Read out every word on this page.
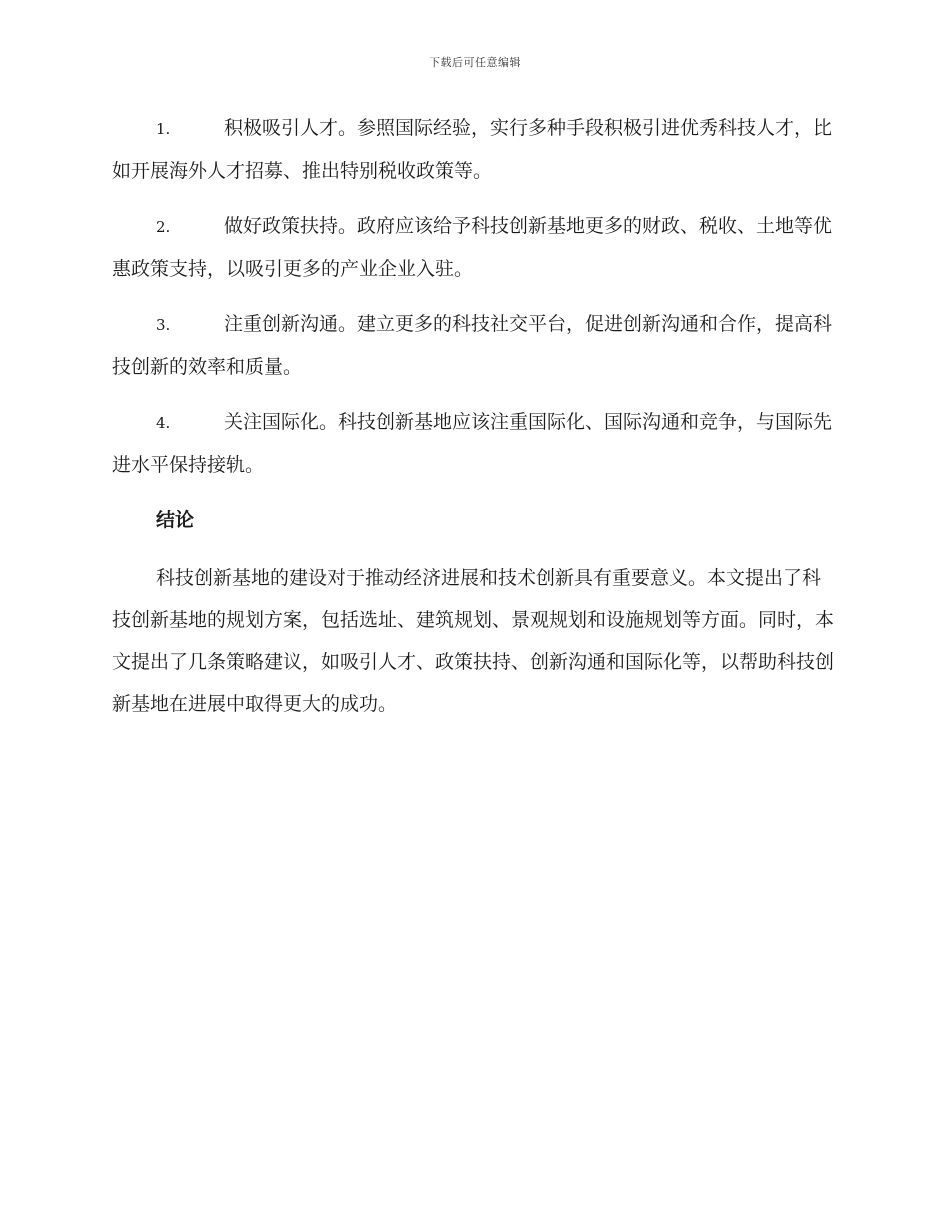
下载后可任意编辑

1.	积极吸引人才。参照国际经验，实行多种手段积极引进优秀科技人才，比如开展海外人才招募、推出特别税收政策等。

2.	做好政策扶持。政府应该给予科技创新基地更多的财政、税收、土地等优惠政策支持，以吸引更多的产业企业入驻。

3.	注重创新沟通。建立更多的科技社交平台，促进创新沟通和合作，提高科技创新的效率和质量。

4.	关注国际化。科技创新基地应该注重国际化、国际沟通和竞争，与国际先进水平保持接轨。

结论

科技创新基地的建设对于推动经济进展和技术创新具有重要意义。本文提出了科技创新基地的规划方案，包括选址、建筑规划、景观规划和设施规划等方面。同时，本文提出了几条策略建议，如吸引人才、政策扶持、创新沟通和国际化等，以帮助科技创新基地在进展中取得更大的成功。
